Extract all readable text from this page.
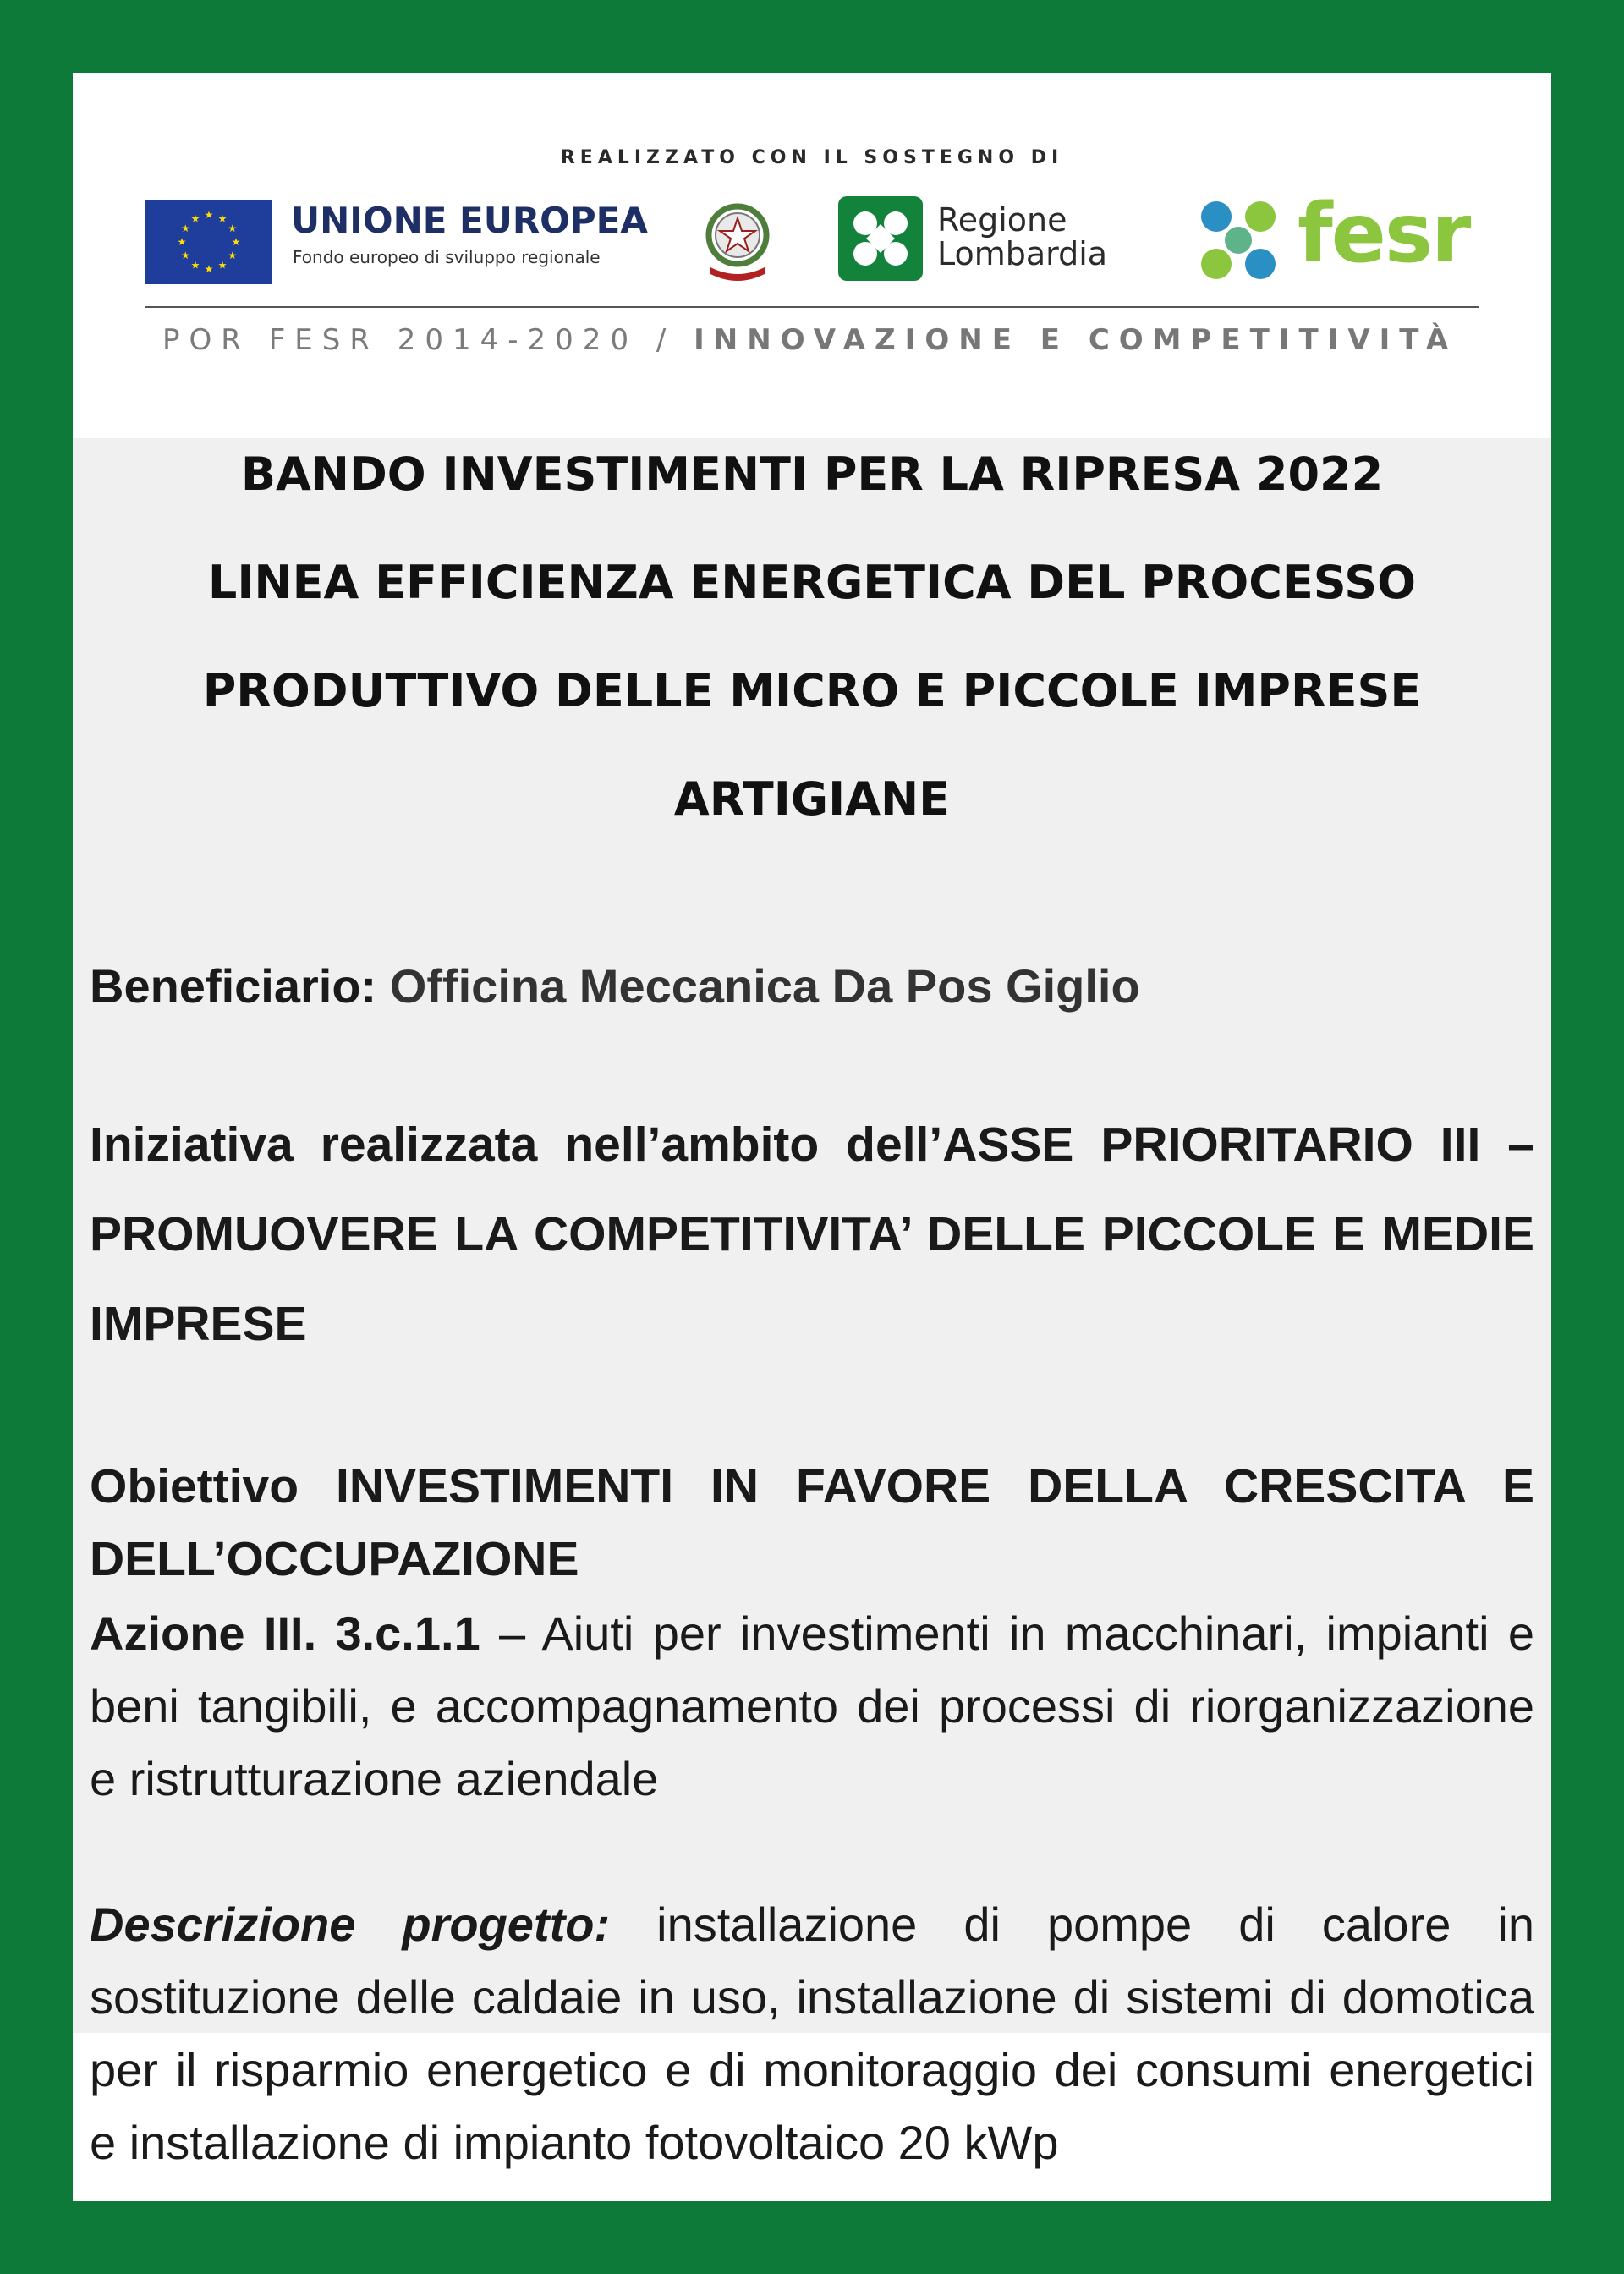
REALIZZATO CON IL SOSTEGNO DI
★ ★
★
★
★
★
★
★
★
★
★
★	UNIONE EUROPEA
Fondo europeo di sviluppo regionale
Regione
Lombardia fesr
POR FESR 2014-2020 / INNOVAZIONE E COMPETITIVITÀ
BANDO INVESTIMENTI PER LA RIPRESA 2022
LINEA EFFICIENZA ENERGETICA DEL PROCESSO
PRODUTTIVO DELLE MICRO E PICCOLE IMPRESE
ARTIGIANE
Beneficiario: Officina Meccanica Da Pos Giglio
Iniziativa realizzata nell’ambito dell’ASSE PRIORITARIO III – PROMUOVERE LA COMPETITIVITA’ DELLE PICCOLE E MEDIE IMPRESE
Obiettivo INVESTIMENTI IN FAVORE DELLA CRESCITA E DELL’OCCUPAZIONE
Azione III. 3.c.1.1 – Aiuti per investimenti in macchinari, impianti e beni tangibili, e accompagnamento dei processi di riorganizzazione e ristrutturazione aziendale
Descrizione progetto: installazione di pompe di calore in sostituzione delle caldaie in uso, installazione di sistemi di domotica per il risparmio energetico e di monitoraggio dei consumi energetici e installazione di impianto fotovoltaico 20 kWp
